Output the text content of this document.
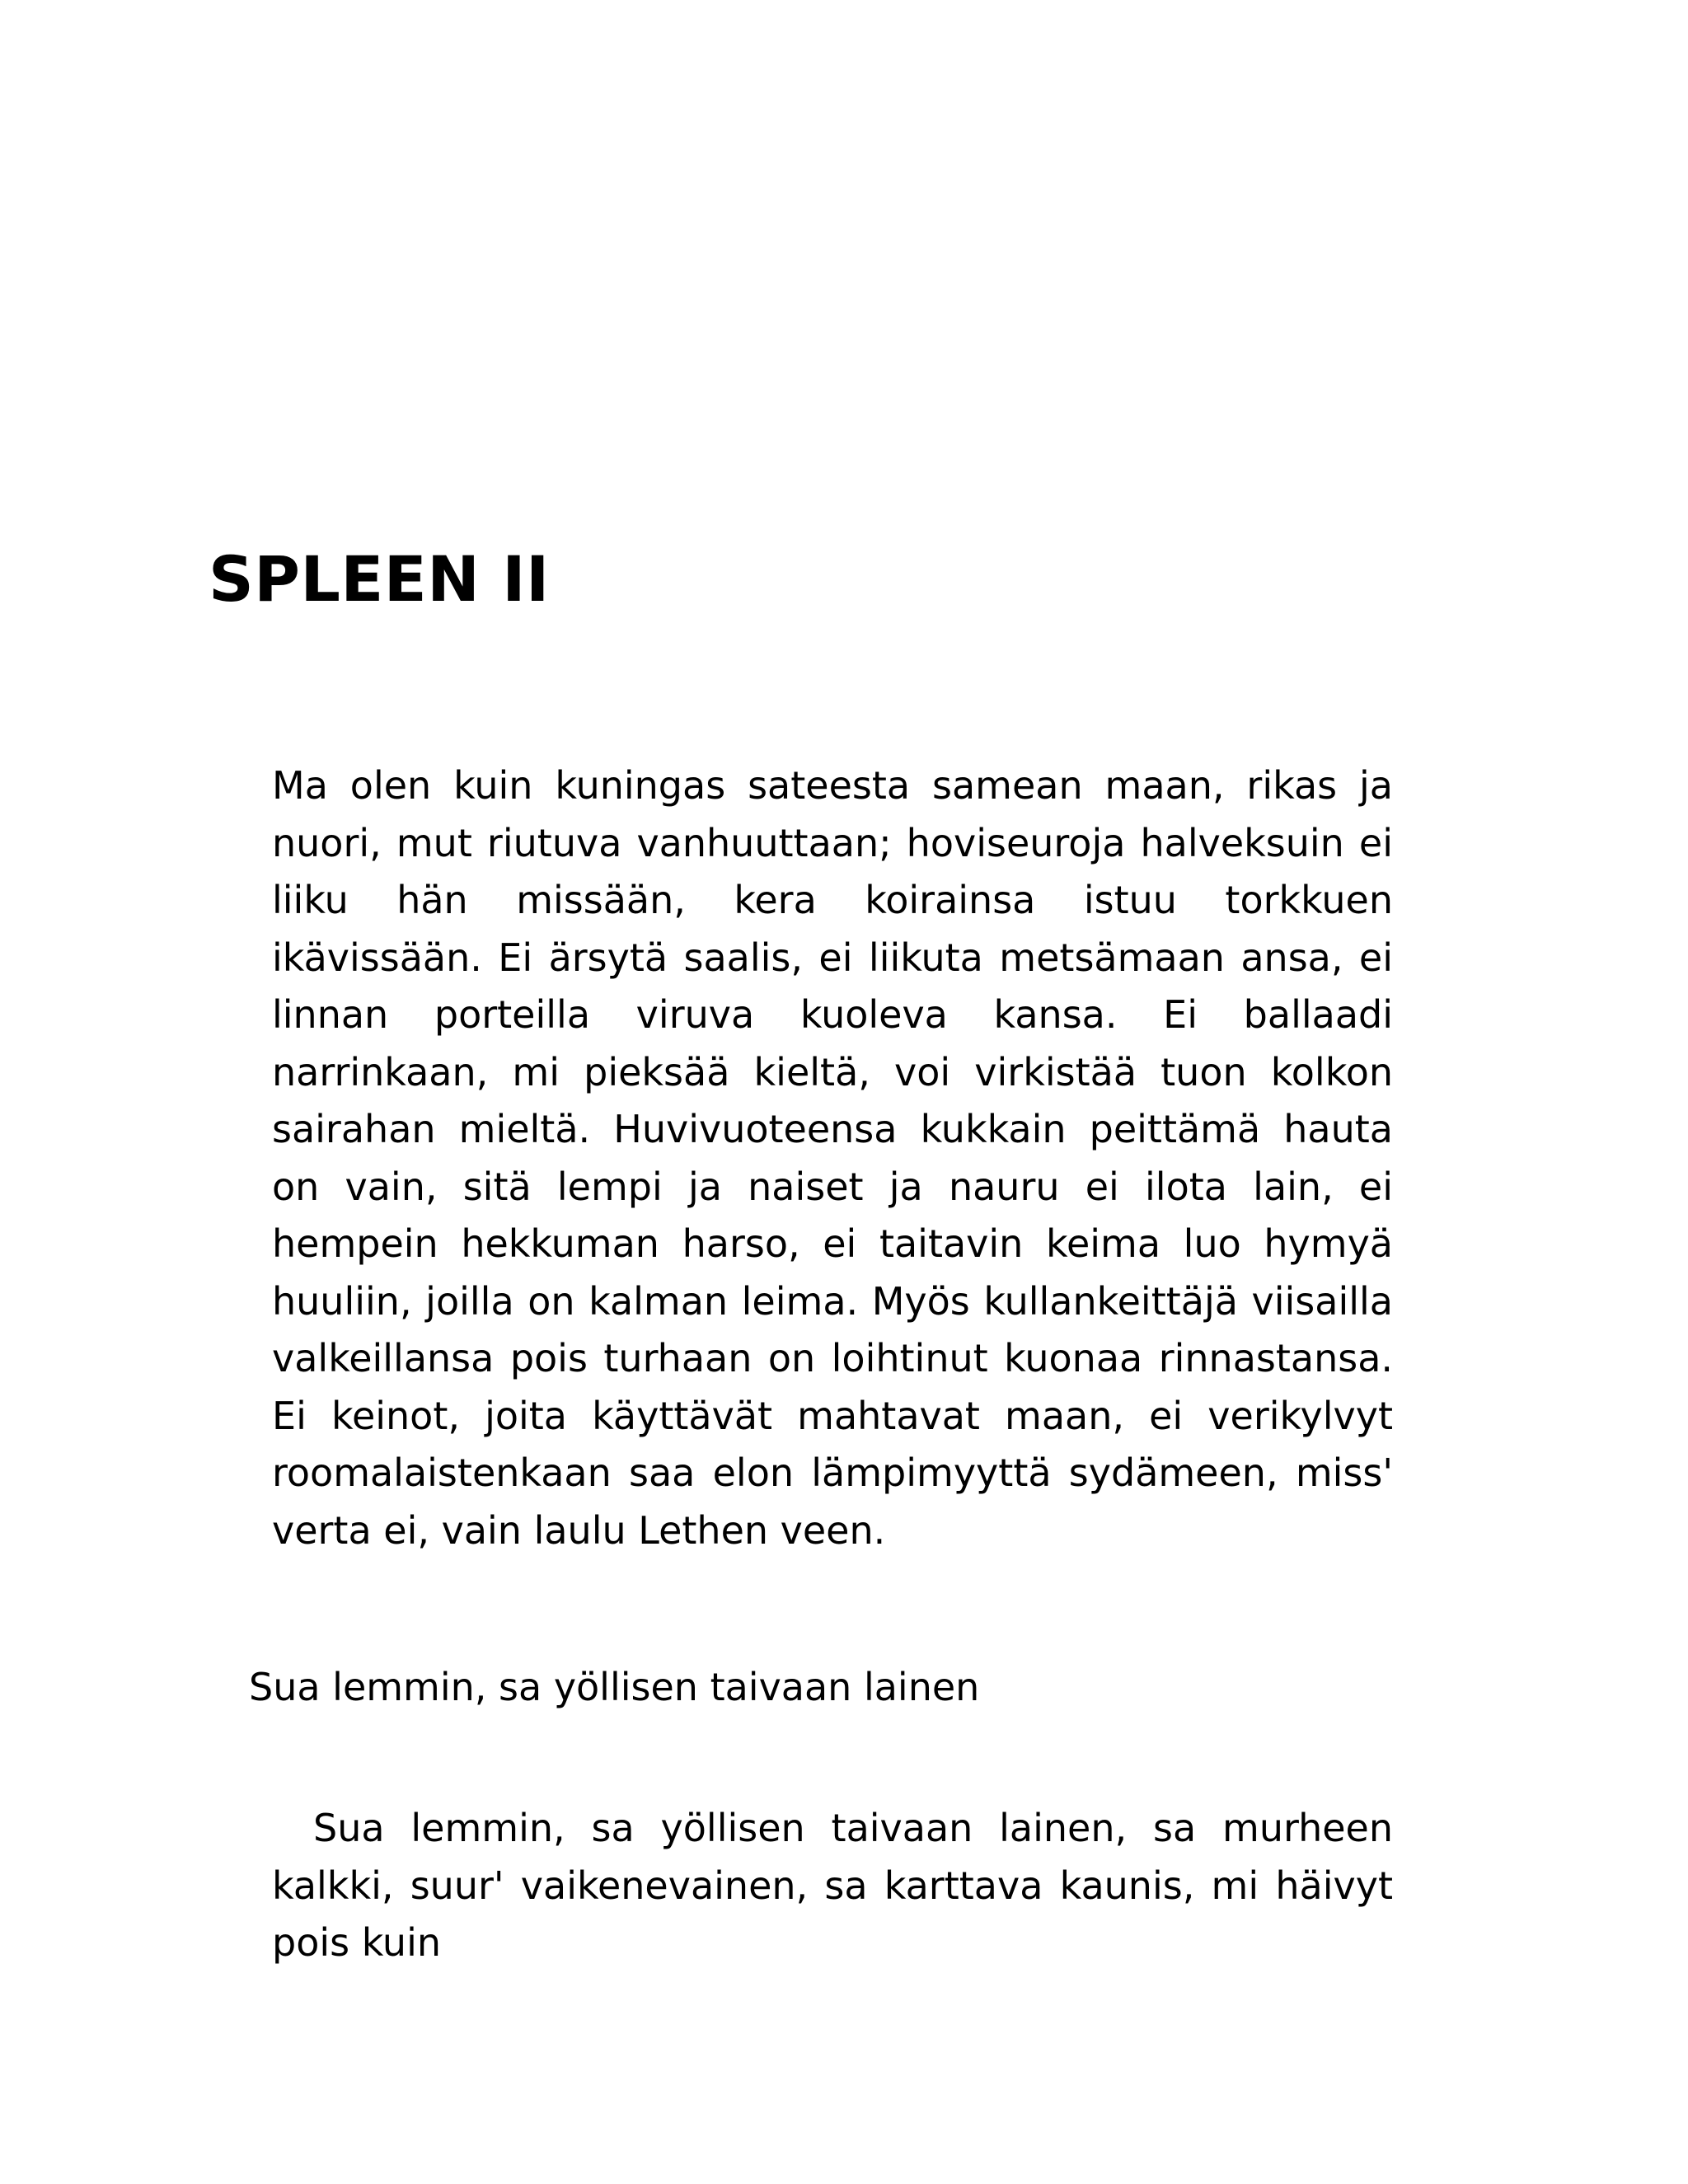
SPLEEN II

Ma olen kuin kuningas sateesta samean maan, rikas ja nuori, mut riutuva vanhuuttaan; hoviseuroja halveksuin ei liiku hän missään, kera koirainsa istuu torkkuen ikävissään. Ei ärsytä saalis, ei liikuta metsämaan ansa, ei linnan porteilla viruva kuoleva kansa. Ei ballaadi narrinkaan, mi pieksää kieltä, voi virkistää tuon kolkon sairahan mieltä. Huvivuoteensa kukkain peittämä hauta on vain, sitä lempi ja naiset ja nauru ei ilota lain, ei hempein hekkuman harso, ei taitavin keima luo hymyä huuliin, joilla on kalman leima. Myös kullankeittäjä viisailla valkeillansa pois turhaan on loihtinut kuonaa rinnastansa. Ei keinot, joita käyttävät mahtavat maan, ei verikylvyt roomalaistenkaan saa elon lämpimyyttä sydämeen, miss' verta ei, vain laulu Lethen veen.

Sua lemmin, sa yöllisen taivaan lainen

Sua lemmin, sa yöllisen taivaan lainen, sa murheen kalkki, suur' vaikenevainen, sa karttava kaunis, mi häivyt pois kuin
